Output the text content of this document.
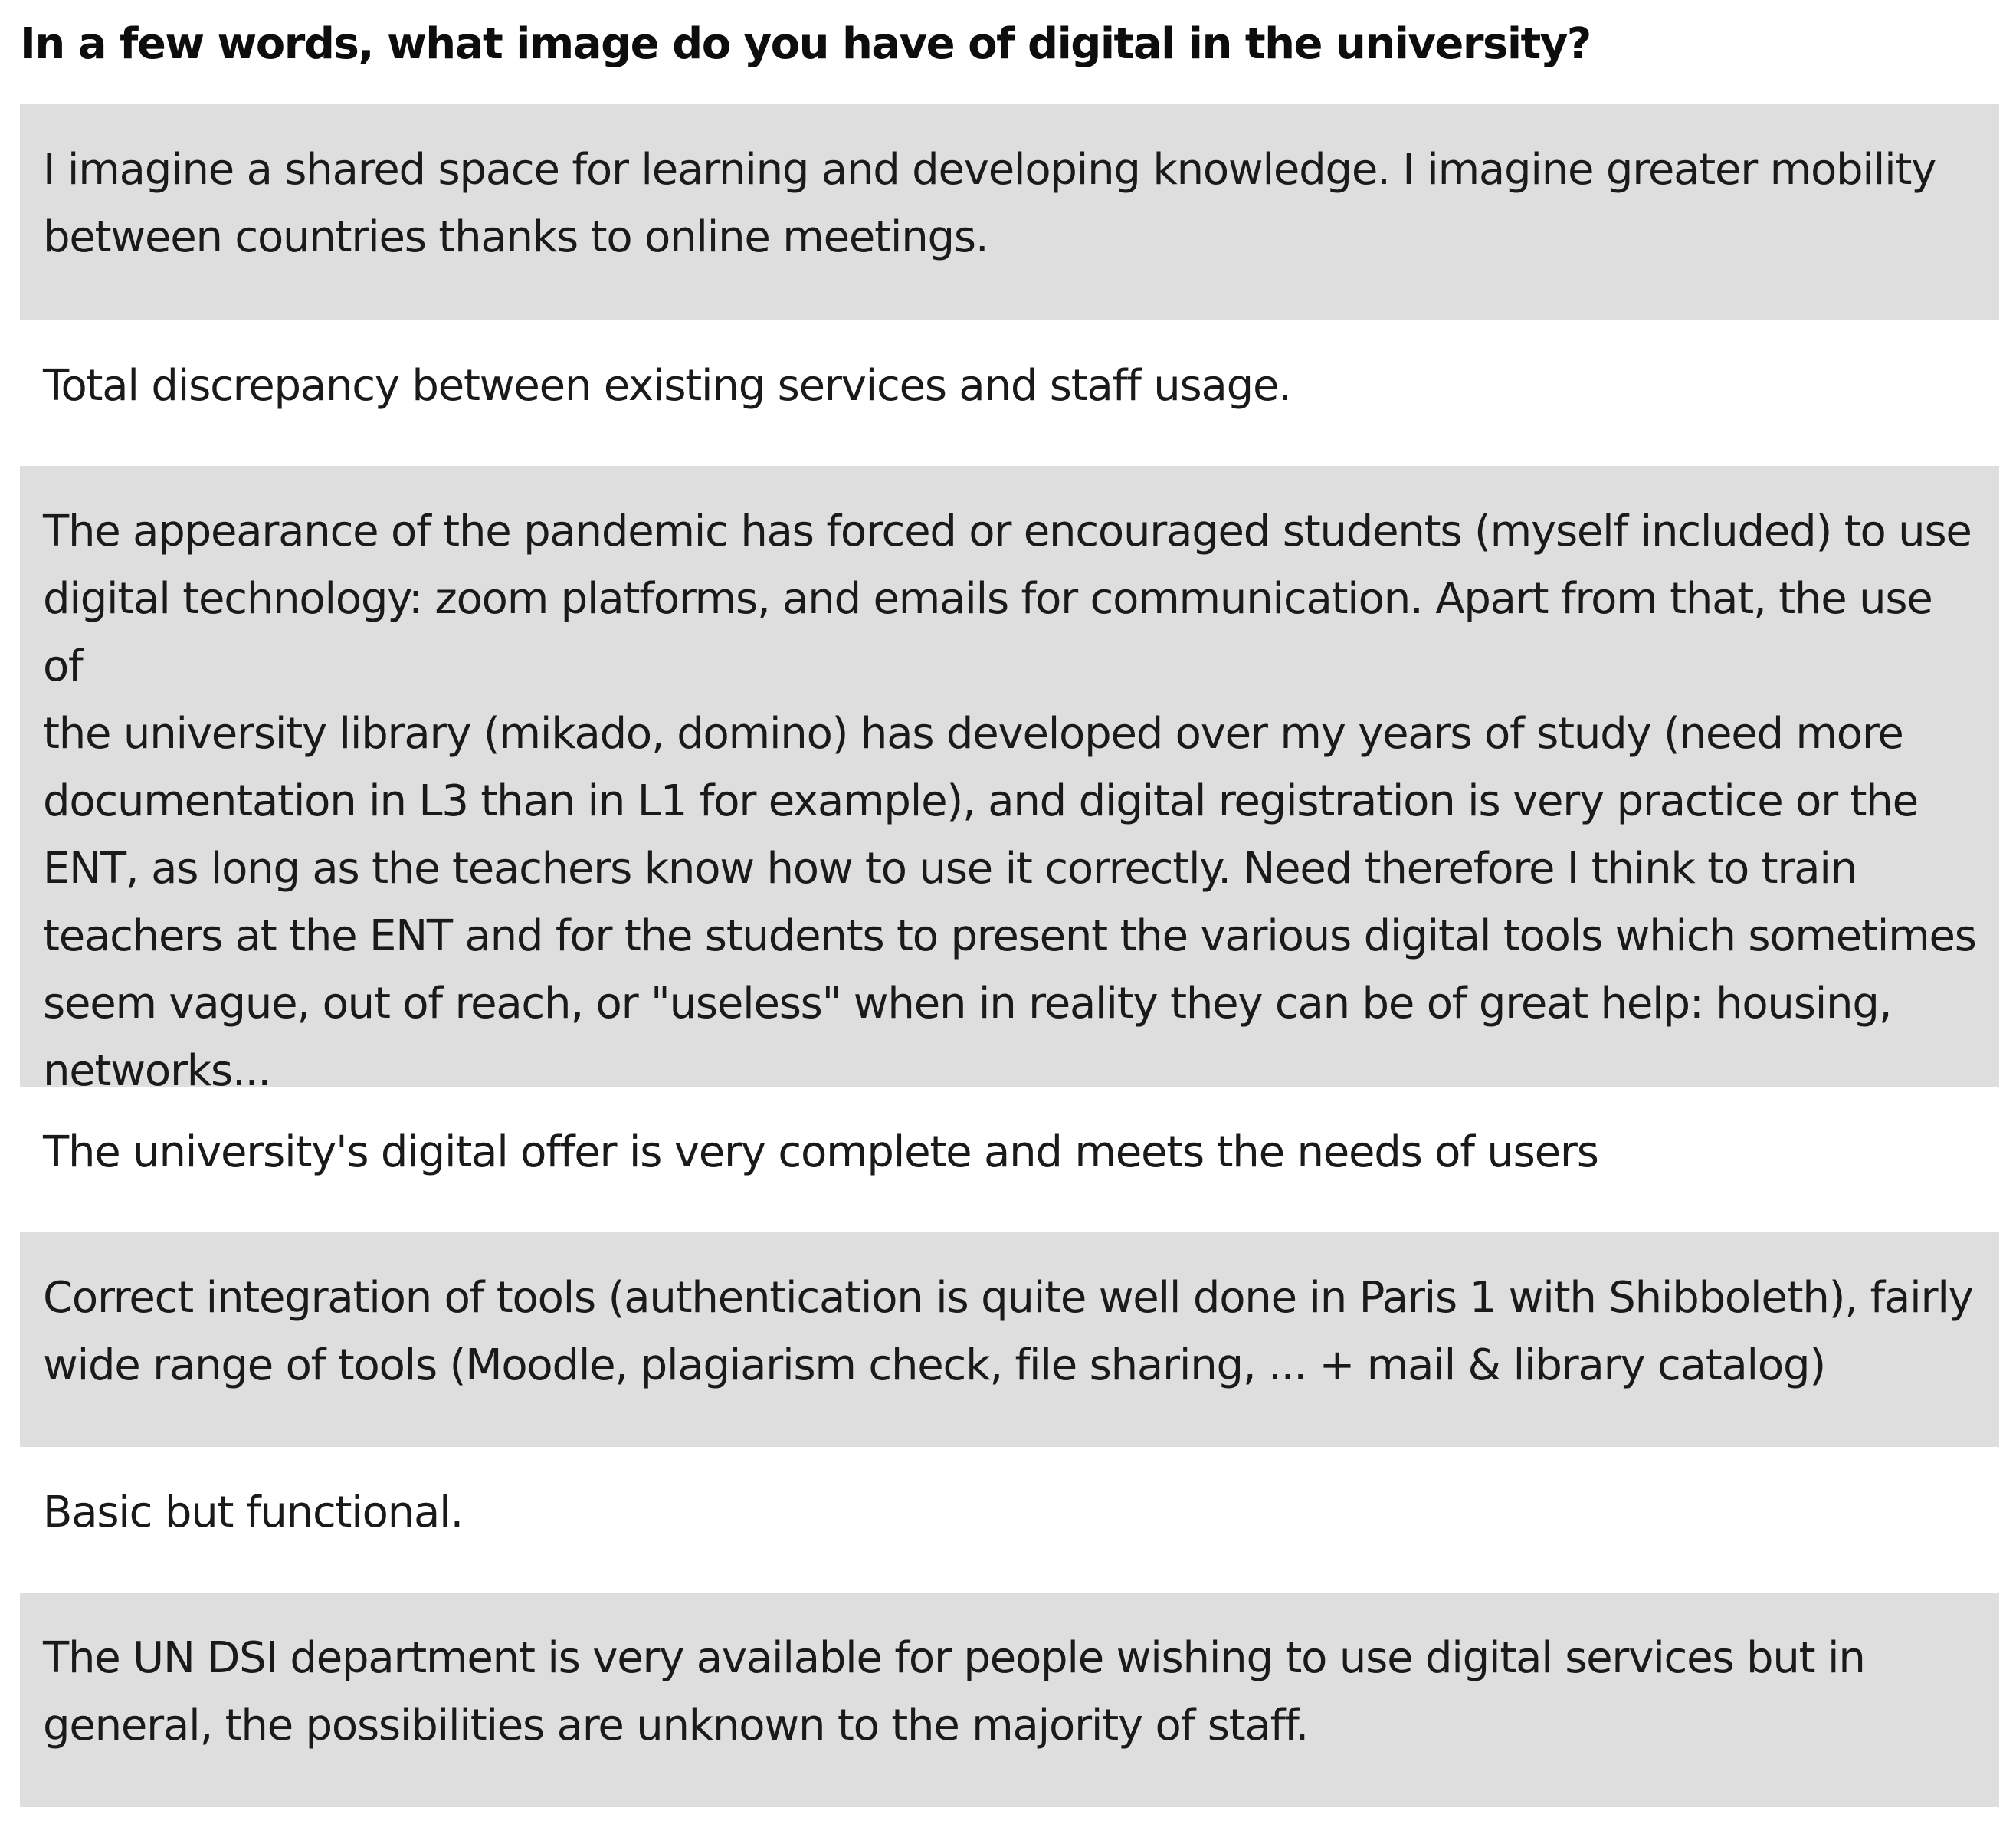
In a few words, what image do you have of digital in the university?
I imagine a shared space for learning and developing knowledge. I imagine greater mobility
between countries thanks to online meetings.
Total discrepancy between existing services and staff usage.
The appearance of the pandemic has forced or encouraged students (myself included) to use
digital technology: zoom platforms, and emails for communication. Apart from that, the use of
the university library (mikado, domino) has developed over my years of study (need more
documentation in L3 than in L1 for example), and digital registration is very practice or the
ENT, as long as the teachers know how to use it correctly. Need therefore I think to train
teachers at the ENT and for the students to present the various digital tools which sometimes
seem vague, out of reach, or "useless" when in reality they can be of great help: housing,
networks...
The university's digital offer is very complete and meets the needs of users
Correct integration of tools (authentication is quite well done in Paris 1 with Shibboleth), fairly
wide range of tools (Moodle, plagiarism check, file sharing, ... + mail & library catalog)
Basic but functional.
The UN DSI department is very available for people wishing to use digital services but in
general, the possibilities are unknown to the majority of staff.
